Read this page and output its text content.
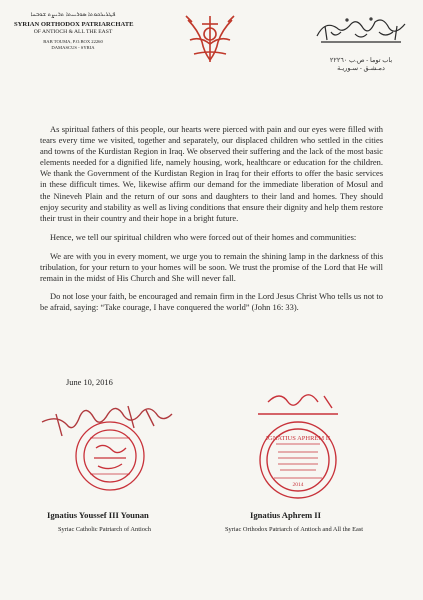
ܦܛܪܝܪܟܘܬܐ ܣܘܪܝܝܬܐ ܬܪܝܨܬ ܫܘܒܚܐ
SYRIAN ORTHODOX PATRIARCHATE
OF ANTIOCH & ALL THE EAST
BAB TOUMA, P.O.BOX 22260
DAMASCUS - SYRIA
باب توما - ص.ب ٢٢٢٦٠
دمـشـق - سـوريـة

As spiritual fathers of this people, our hearts were pierced with pain and our eyes were filled with tears every time we visited, together and separately, our displaced children who settled in the cities and towns of the Kurdistan Region in Iraq. We observed their suffering and the lack of the most basic elements needed for a dignified life, namely housing, work, healthcare or education for the children. We thank the Government of the Kurdistan Region in Iraq for their efforts to offer the basic services in these difficult times. We, likewise affirm our demand for the immediate liberation of Mosul and the Nineveh Plain and the return of our sons and daughters to their land and homes. They should enjoy security and stability as well as living conditions that ensure their dignity and help them restore their trust in their country and their hope in a bright future.

Hence, we tell our spiritual children who were forced out of their homes and communities:

We are with you in every moment, we urge you to remain the shining lamp in the darkness of this tribulation, for your return to your homes will be soon. We trust the promise of the Lord that He will remain in the midst of His Church and She will never fall.

Do not lose your faith, be encouraged and remain firm in the Lord Jesus Christ Who tells us not to be afraid, saying: “Take courage, I have conquered the world” (John 16: 33).

June 10, 2016
IGNATIUS APHREM II
2014
Ignatius Youssef III Younan
Syriac Catholic Patriarch of Antioch
Ignatius Aphrem II
Syriac Orthodox Patriarch of Antioch and All the East
